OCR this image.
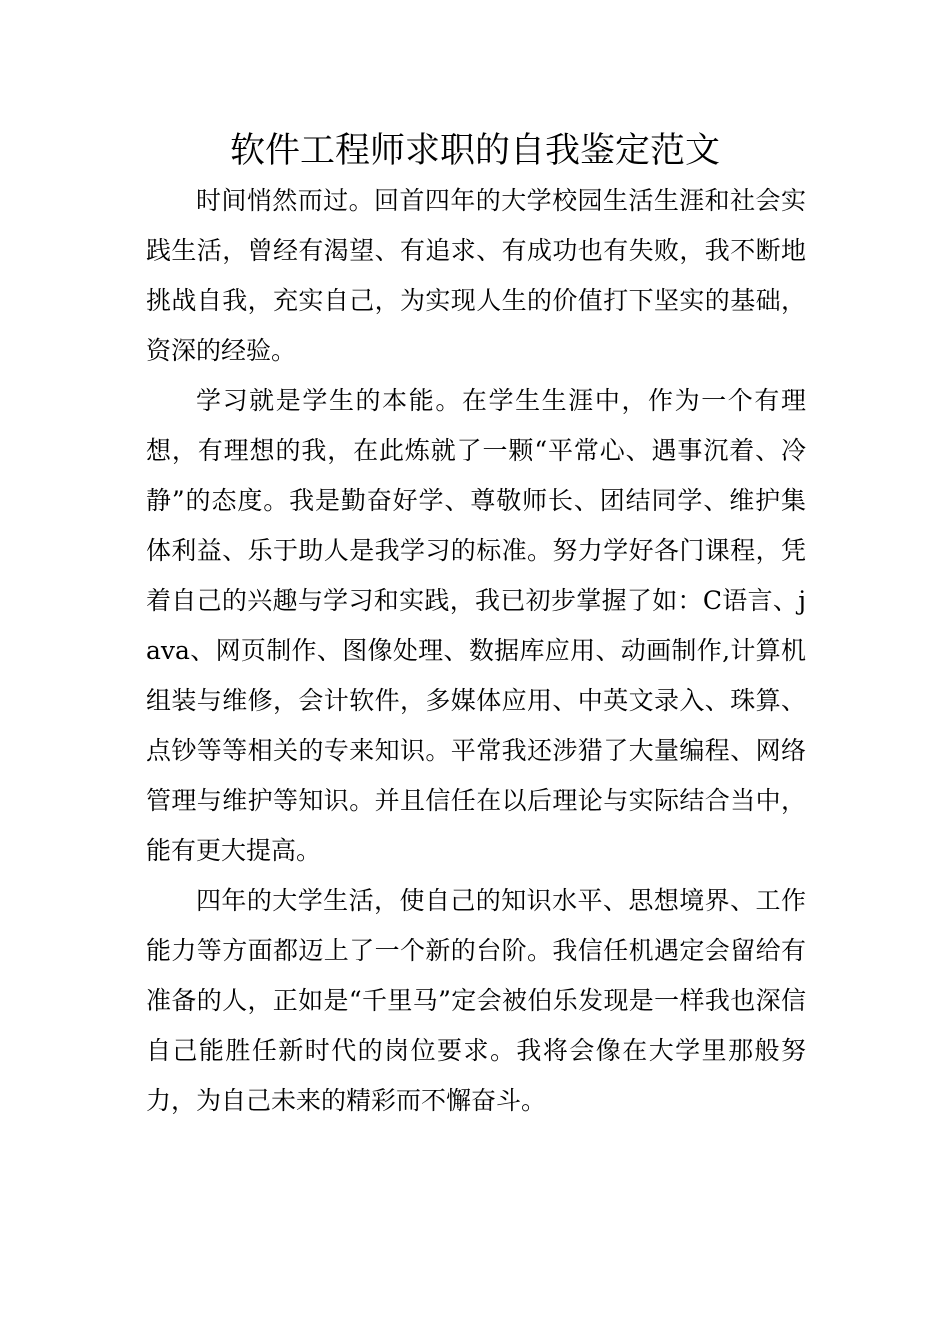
软件工程师求职的自我鉴定范文

时间悄然而过。回首四年的大学校园生活生涯和社会实践生活，曾经有渴望、有追求、有成功也有失败，我不断地挑战自我，充实自己，为实现人生的价值打下坚实的基础，资深的经验。

学习就是学生的本能。在学生生涯中，作为一个有理想，有理想的我，在此炼就了一颗“平常心、遇事沉着、冷静”的态度。我是勤奋好学、尊敬师长、团结同学、维护集体利益、乐于助人是我学习的标准。努力学好各门课程，凭着自己的兴趣与学习和实践，我已初步掌握了如：C语言、java、网页制作、图像处理、数据库应用、动画制作,计算机组装与维修，会计软件，多媒体应用、中英文录入、珠算、点钞等等相关的专来知识。平常我还涉猎了大量编程、网络管理与维护等知识。并且信任在以后理论与实际结合当中，能有更大提高。

四年的大学生活，使自己的知识水平、思想境界、工作能力等方面都迈上了一个新的台阶。我信任机遇定会留给有准备的人，正如是“千里马”定会被伯乐发现是一样我也深信自己能胜任新时代的岗位要求。我将会像在大学里那般努力，为自己未来的精彩而不懈奋斗。
